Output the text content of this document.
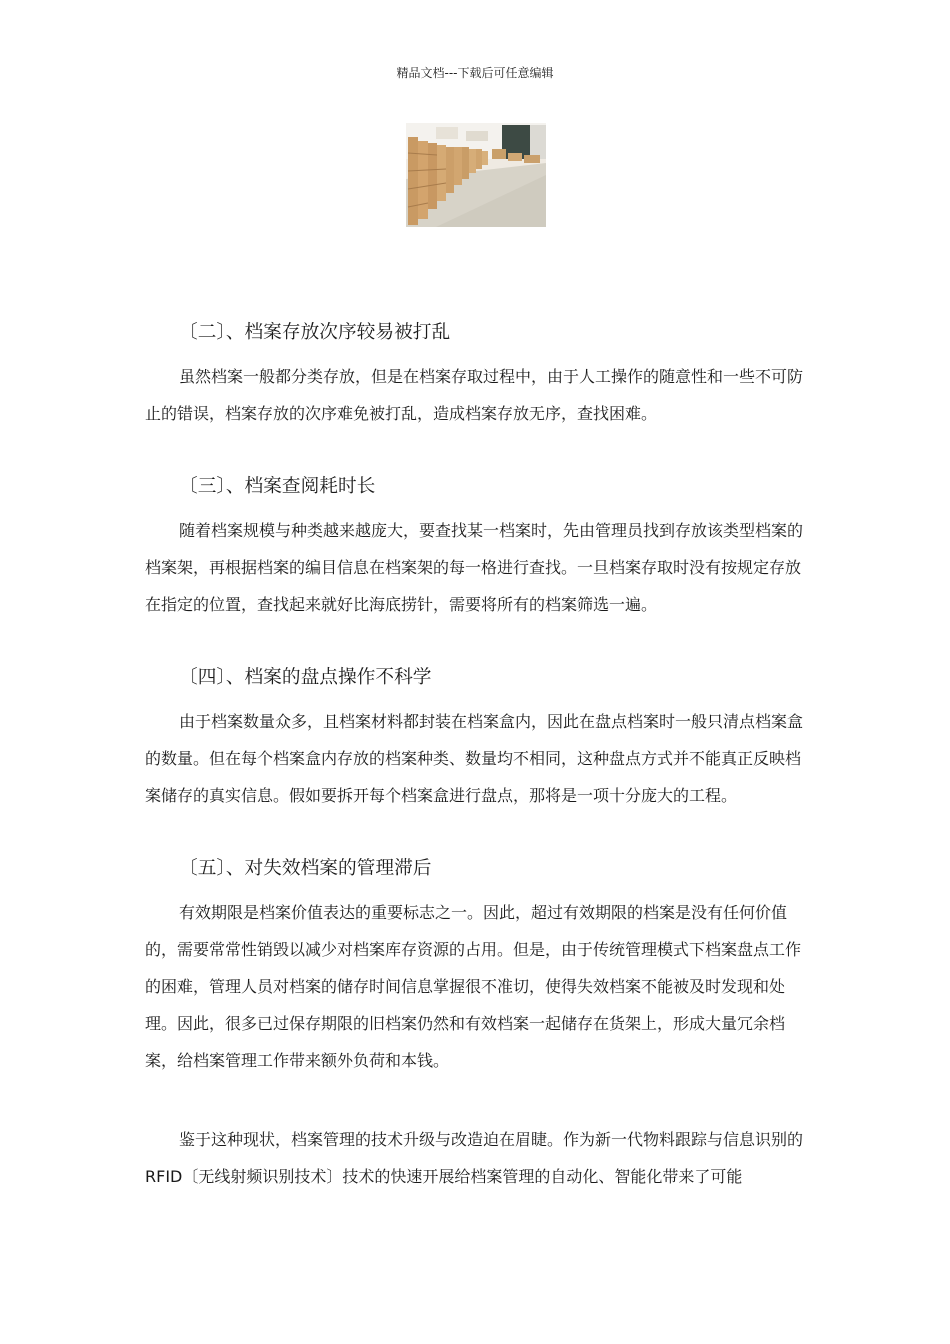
精品文档---下载后可任意编辑
〔二〕、档案存放次序较易被打乱

虽然档案一般都分类存放，但是在档案存取过程中，由于人工操作的随意性和一些不可防止的错误，档案存放的次序难免被打乱，造成档案存放无序，查找困难。

〔三〕、档案查阅耗时长

随着档案规模与种类越来越庞大，要查找某一档案时，先由管理员找到存放该类型档案的档案架，再根据档案的编目信息在档案架的每一格进行查找。一旦档案存取时没有按规定存放在指定的位置，查找起来就好比海底捞针，需要将所有的档案筛选一遍。

〔四〕、档案的盘点操作不科学

由于档案数量众多，且档案材料都封装在档案盒内，因此在盘点档案时一般只清点档案盒的数量。但在每个档案盒内存放的档案种类、数量均不相同，这种盘点方式并不能真正反映档案储存的真实信息。假如要拆开每个档案盒进行盘点，那将是一项十分庞大的工程。

〔五〕、对失效档案的管理滞后

有效期限是档案价值表达的重要标志之一。因此，超过有效期限的档案是没有任何价值的，需要常常性销毁以减少对档案库存资源的占用。但是，由于传统管理模式下档案盘点工作的困难，管理人员对档案的储存时间信息掌握很不准切，使得失效档案不能被及时发现和处理。因此，很多已过保存期限的旧档案仍然和有效档案一起储存在货架上，形成大量冗余档案，给档案管理工作带来额外负荷和本钱。

鉴于这种现状，档案管理的技术升级与改造迫在眉睫。作为新一代物料跟踪与信息识别的 RFID〔无线射频识别技术〕技术的快速开展给档案管理的自动化、智能化带来了可能
